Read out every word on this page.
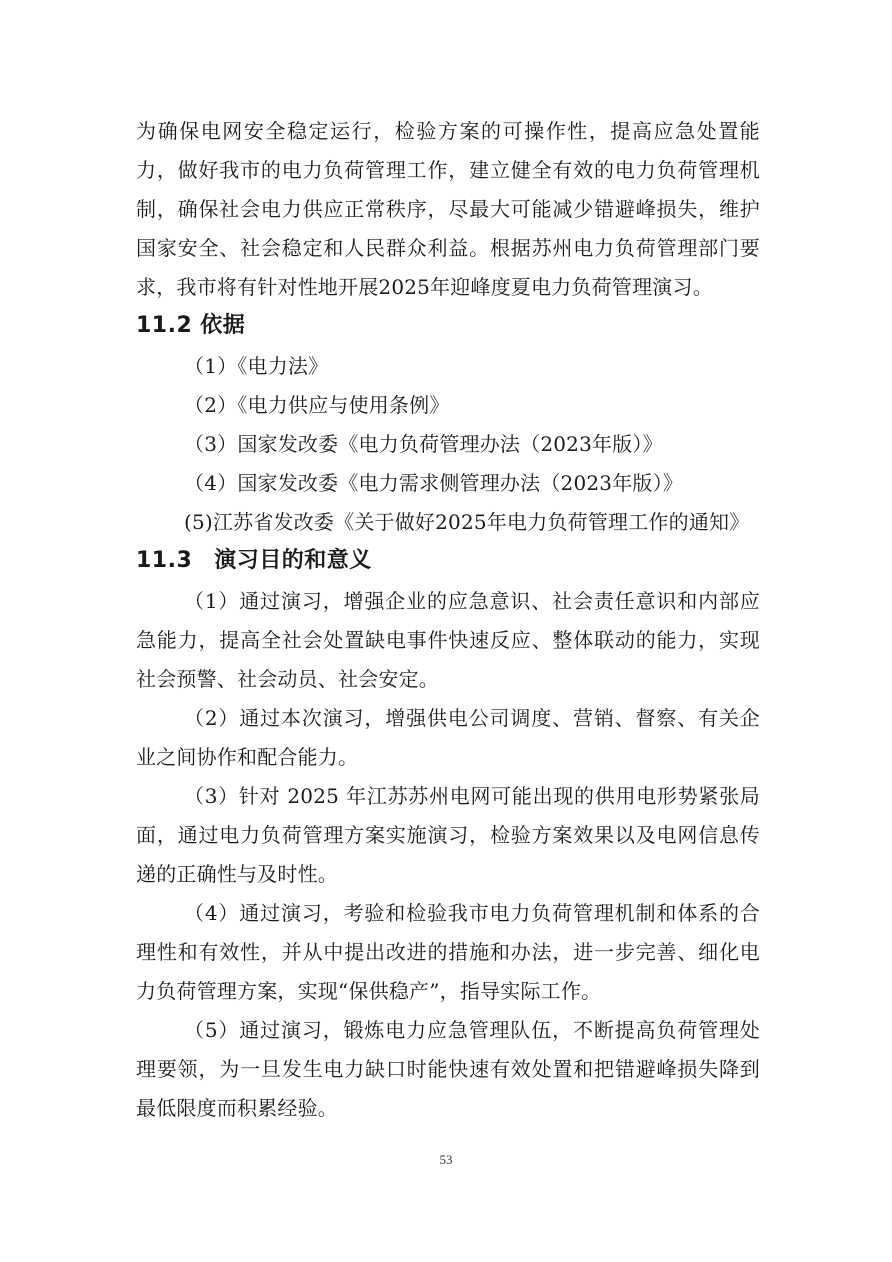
为确保电网安全稳定运行，检验方案的可操作性，提高应急处置能力，做好我市的电力负荷管理工作，建立健全有效的电力负荷管理机制，确保社会电力供应正常秩序，尽最大可能减少错避峰损失，维护国家安全、社会稳定和人民群众利益。根据苏州电力负荷管理部门要求，我市将有针对性地开展2025年迎峰度夏电力负荷管理演习。

11.2 依据

（1）《电力法》

（2）《电力供应与使用条例》

（3）国家发改委《电力负荷管理办法（2023年版）》

（4）国家发改委《电力需求侧管理办法（2023年版）》

(5)江苏省发改委《关于做好2025年电力负荷管理工作的通知》

11.3 演习目的和意义

（1）通过演习，增强企业的应急意识、社会责任意识和内部应急能力，提高全社会处置缺电事件快速反应、整体联动的能力，实现社会预警、社会动员、社会安定。

（2）通过本次演习，增强供电公司调度、营销、督察、有关企业之间协作和配合能力。

（3）针对 2025 年江苏苏州电网可能出现的供用电形势紧张局面，通过电力负荷管理方案实施演习，检验方案效果以及电网信息传递的正确性与及时性。

（4）通过演习，考验和检验我市电力负荷管理机制和体系的合理性和有效性，并从中提出改进的措施和办法，进一步完善、细化电力负荷管理方案，实现“保供稳产”，指导实际工作。

（5）通过演习，锻炼电力应急管理队伍，不断提高负荷管理处理要领，为一旦发生电力缺口时能快速有效处置和把错避峰损失降到最低限度而积累经验。

53
